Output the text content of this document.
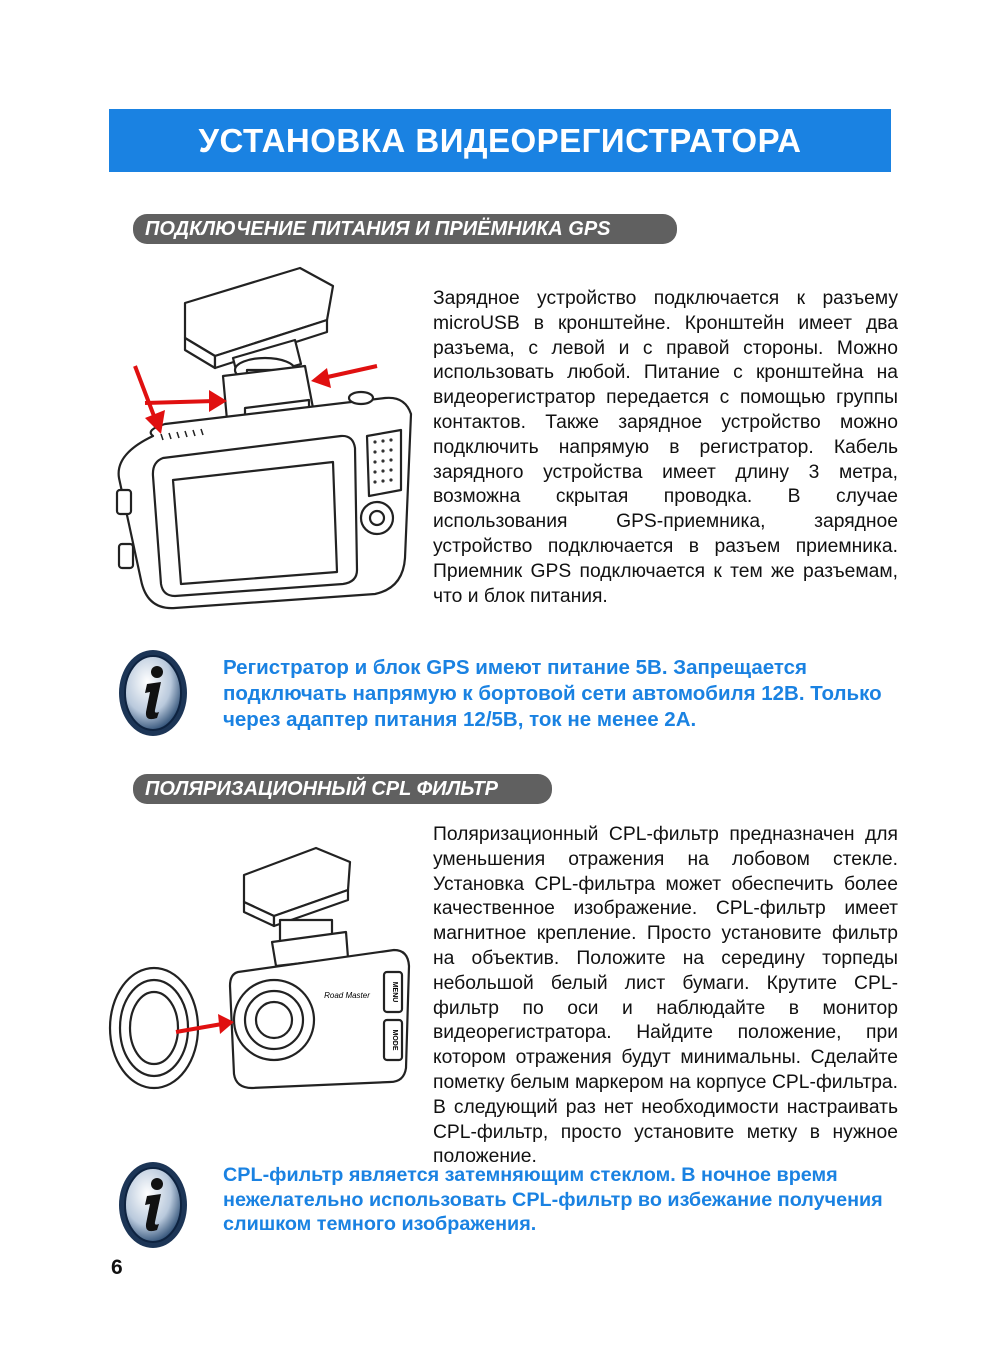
УСТАНОВКА ВИДЕОРЕГИСТРАТОРА
ПОДКЛЮЧЕНИЕ ПИТАНИЯ И ПРИЁМНИКА GPS

Зарядное устройство подключается к разъему microUSB в кронштейне. Кронштейн имеет два разъема, с левой и с правой стороны. Можно использовать любой. Питание с кронштейна на видеорегистратор передается с помощью группы контактов. Также зарядное устройство можно подключить напрямую в регистратор. Кабель зарядного устройства имеет длину 3 метра, возможна скрытая проводка. В случае использования GPS-приемника, зарядное устройство подключается в разъем приемника. Приемник GPS подключается к тем же разъемам, что и блок питания.

Регистратор и блок GPS имеют питание 5В. Запрещается подключать напрямую к бортовой сети автомобиля 12В. Только через адаптер питания 12/5В, ток не менее 2А.

ПОЛЯРИЗАЦИОННЫЙ CPL ФИЛЬТР
Road Master	MENU
MODE

Поляризационный CPL-фильтр предназначен для уменьшения отражения на лобовом стекле. Установка CPL-фильтра может обеспечить более качественное изображение. CPL-фильтр имеет магнитное крепление. Просто установите фильтр на объектив. Положите на середину торпеды небольшой белый лист бумаги. Крутите CPL-фильтр по оси и наблюдайте в монитор видеорегистратора. Найдите положение, при котором отражения будут минимальны. Сделайте пометку белым маркером на корпусе CPL-фильтра. В следующий раз нет необходимости настраивать CPL-фильтр, просто установите метку в нужное положение.

CPL-фильтр является затемняющим стеклом. В ночное время нежелательно использовать CPL-фильтр во избежание получения слишком темного изображения.

6
